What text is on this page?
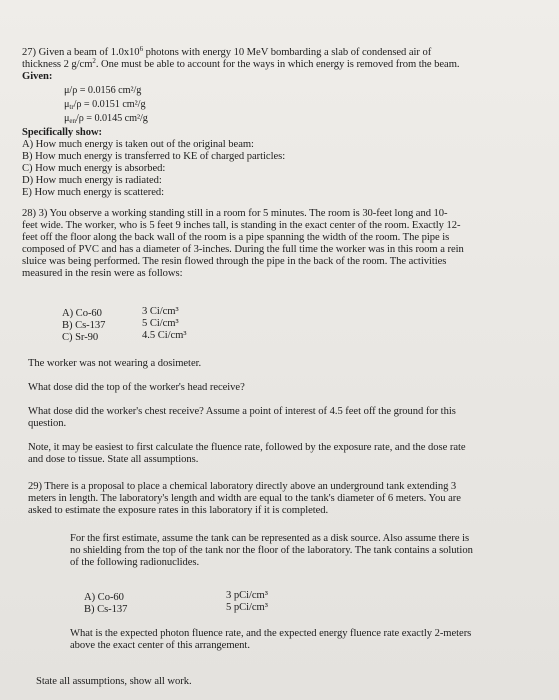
27) Given a beam of $1.0x10^6$ photons with energy 10 MeV bombarding a slab of condensed air of
thickness 2 $g/cm^2$. One must be able to account for the ways in which energy is removed from the beam.
Given:
μ/ρ = 0.0156 cm²/g
$\mu_{tr}/\rho = 0.0151$ cm²/g
$\mu_{en}/\rho = 0.0145$ cm²/g
Specifically show:
A) How much energy is taken out of the original beam:
B) How much energy is transferred to KE of charged particles:
C) How much energy is absorbed:
D) How much energy is radiated:
E) How much energy is scattered:
28) 3) You observe a working standing still in a room for 5 minutes. The room is 30-feet long and 10-
feet wide. The worker, who is 5 feet 9 inches tall, is standing in the exact center of the room. Exactly 12-
feet off the floor along the back wall of the room is a pipe spanning the width of the room. The pipe is
composed of PVC and has a diameter of 3-inches. During the full time the worker was in this room a rein
sluice was being performed. The resin flowed through the pipe in the back of the room. The activities
measured in the resin were as follows:
A) Co-60	3 Ci/cm³
B) Cs-137	5 Ci/cm³
C) Sr-90	4.5 Ci/cm³
The worker was not wearing a dosimeter.
What dose did the top of the worker's head receive?
What dose did the worker's chest receive? Assume a point of interest of 4.5 feet off the ground for this
question.
Note, it may be easiest to first calculate the fluence rate, followed by the exposure rate, and the dose rate
and dose to tissue. State all assumptions.
29) There is a proposal to place a chemical laboratory directly above an underground tank extending 3
meters in length. The laboratory's length and width are equal to the tank's diameter of 6 meters. You are
asked to estimate the exposure rates in this laboratory if it is completed.
For the first estimate, assume the tank can be represented as a disk source. Also assume there is
no shielding from the top of the tank nor the floor of the laboratory. The tank contains a solution
of the following radionuclides.
A) Co-60	3 pCi/cm³
B) Cs-137	5 pCi/cm³
What is the expected photon fluence rate, and the expected energy fluence rate exactly 2-meters
above the exact center of this arrangement.
State all assumptions, show all work.
